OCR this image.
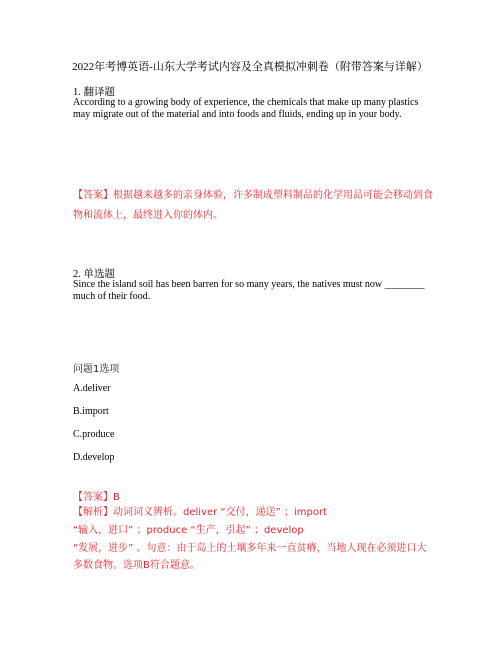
2022年考博英语-山东大学考试内容及全真模拟冲刺卷（附带答案与详解）
1. 翻译题
According to a growing body of experience, the chemicals that make up many plastics may migrate out of the material and into foods and fluids, ending up in your body.
【答案】根据越来越多的亲身体验，许多制成塑料制品的化学用品可能会移动到食物和流体上，最终进入你的体内。
2. 单选题
Since the island soil has been barren for so many years, the natives must now ________ much of their food.
问题1选项
A.deliver
B.import
C.produce
D.develop
【答案】B
【解析】动词词义辨析。deliver “交付，递送” ；import
“输入，进口” ；produce “生产，引起” ；develop
“发展，进步” 。句意：由于岛上的土壤多年来一直贫瘠，当地人现在必须进口大
多数食物。选项B符合题意。
